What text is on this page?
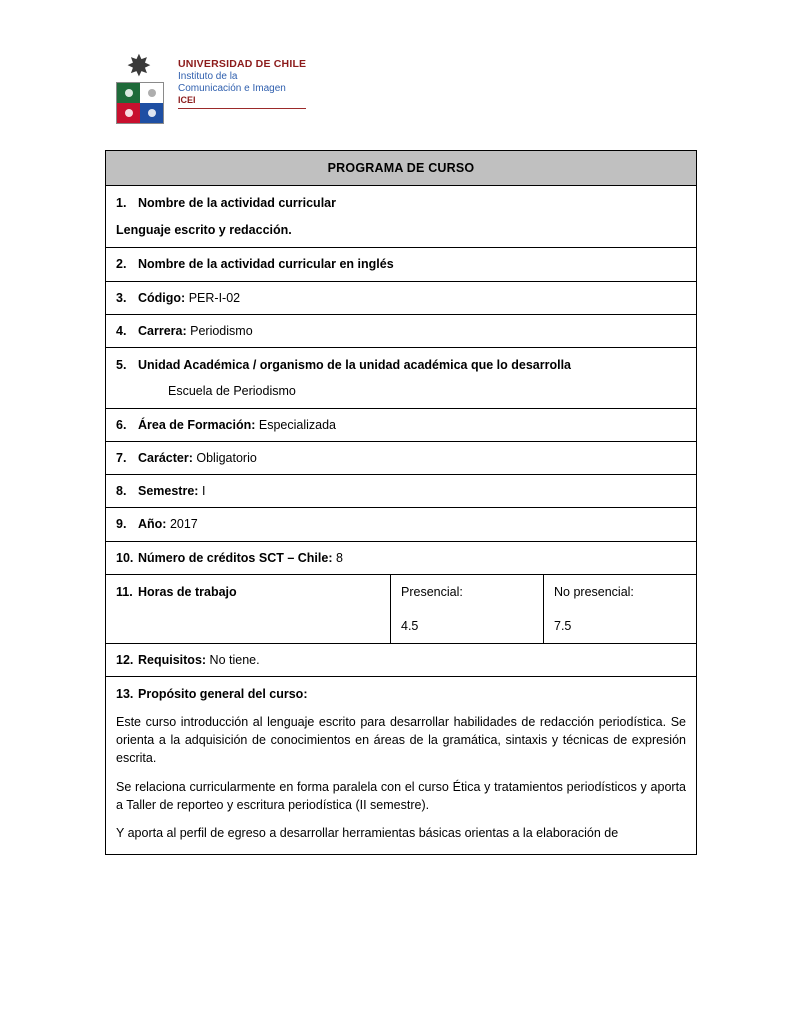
✸	UNIVERSIDAD DE CHILE
Instituto de la
Comunicación e Imagen
ICEI
PROGRAMA DE CURSO

1. Nombre de la actividad curricular
Lenguaje escrito y redacción.

2. Nombre de la actividad curricular en inglés

3. Código: PER-I-02

4. Carrera: Periodismo

5. Unidad Académica / organismo de la unidad académica que lo desarrolla
Escuela de Periodismo

6. Área de Formación: Especializada

7. Carácter: Obligatorio

8. Semestre: I

9. Año: 2017

10. Número de créditos SCT – Chile: 8

11. Horas de trabajo	Presencial:
4.5

No presencial:
7.5

12. Requisitos: No tiene.

13. Propósito general del curso:
Este curso introducción al lenguaje escrito para desarrollar habilidades de redacción periodística. Se orienta a la adquisición de conocimientos en áreas de la gramática, sintaxis y técnicas de expresión escrita.
Se relaciona curricularmente en forma paralela con el curso Ética y tratamientos periodísticos y aporta a Taller de reporteo y escritura periodística (II semestre).
Y aporta al perfil de egreso a desarrollar herramientas básicas orientas a la elaboración de
